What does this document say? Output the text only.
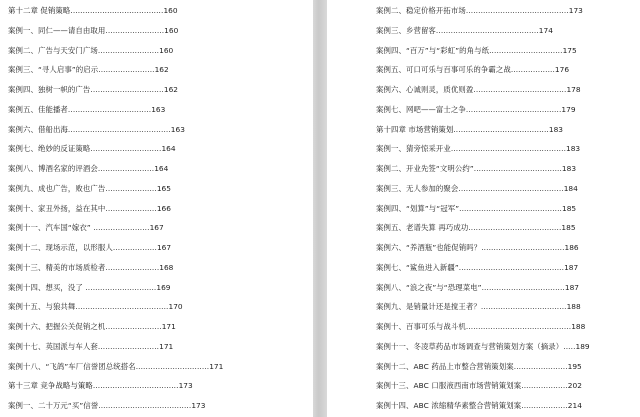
第十二章 促销策略......................................160
案例一、同仁——请自由取用........................160
案例二、广告与天安门广场.........................160
案例三、“寻人启事”的启示.......................162
案例四、独树一帜的广告..............................162
案例五、佳能播者..................................163
案例六、借船出海..........................................163
案例七、绝妙的反证策略.............................164
案例八、博酒名家的评酒会.......................164
案例九、成也广告，败也广告.....................165
案例十、家丑外扬，益在其中.....................166
案例十一、汽车国“嫁衣” .......................167
案例十二、现场示范，以形服人..................167
案例十三、精美的市场质检者......................168
案例十四、想买，没了 .............................169
案例十五、与狼共舞......................................170
案例十六、把握公关促销之机.......................171
案例十七、英国派与车人套.........................171
案例十八、“飞鸽”车厂信誉团总统搭名..............................171
第十三章 竞争战略与策略...................................173
案例一、二十万元“买”信誉......................................173
案例二、稳定价格开拓市场..........................................173
案例三、乡营留客..........................................174
案例四、“百万”与“彩虹”的角与纸..............................175
案例五、可口可乐与百事可乐的争霸之战..................176
案例六、心诚则灵，质优则盈......................................178
案例七、网吧——富士之争.......................................179
第十四章 市场营销策划.......................................183
案例一、猜旁惊采开业...............................................183
案例二、开业先签“文明公约”....................................183
案例三、无人参加的聚会...........................................184
案例四、“划算”与“冠军”..........................................185
案例五、老谱失算 再巧成功......................................185
案例六、“养酒瓶”也能促销吗？..................................186
案例七、“鲨鱼进入新疆”...........................................187
案例八、“浪之夜”与“恐理菜电”..................................187
案例九、是销量计还是搅王者？...................................188
案例十、百事可乐与战斗机...........................................188
案例十一、冬凌草药品市场调查与营销策划方案（摘录）.....189
案例十二、ABC 药品上市整合营销策划案......................195
案例十三、ABC 口服液西南市场营销策划案...................202
案例十四、ABC 浓缩精华素整合营销策划案...................214
